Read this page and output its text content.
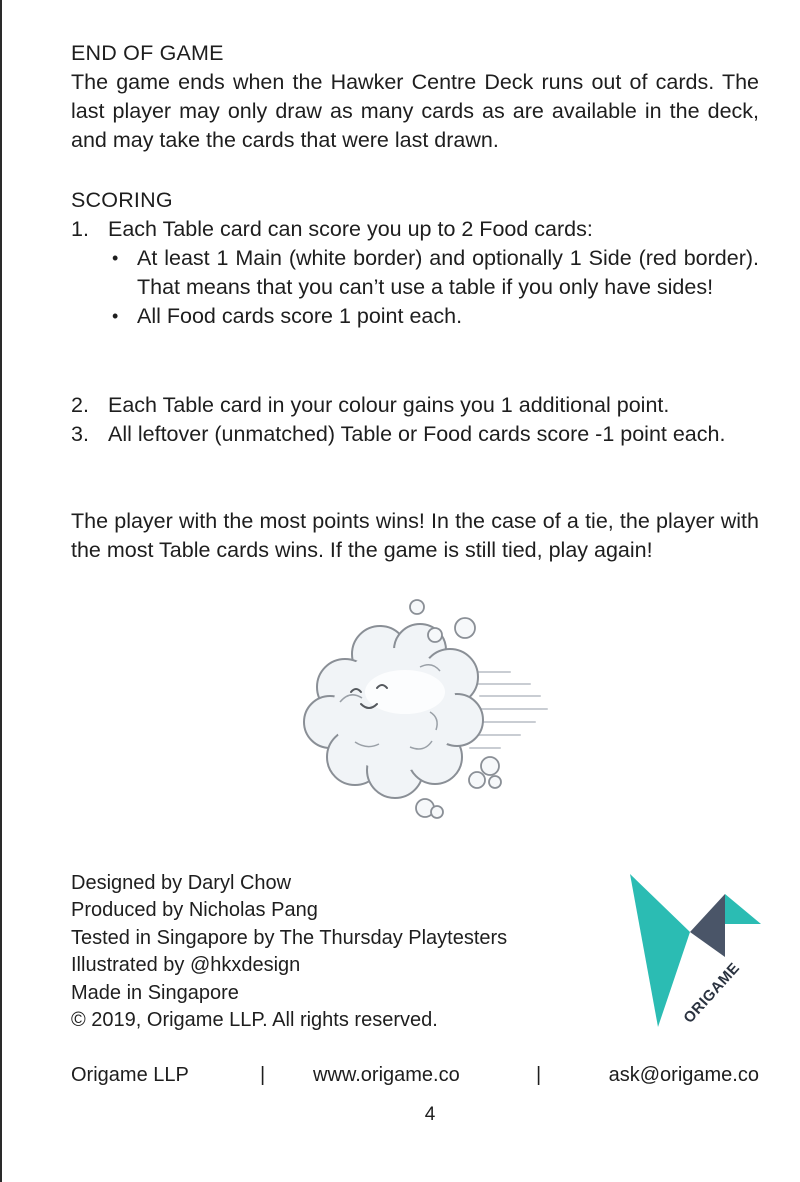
END OF GAME
The game ends when the Hawker Centre Deck runs out of cards. The last player may only draw as many cards as are available in the deck, and may take the cards that were last drawn.
SCORING
1. Each Table card can score you up to 2 Food cards:
• At least 1 Main (white border) and optionally 1 Side (red border). That means that you can’t use a table if you only have sides!
• All Food cards score 1 point each.
2. Each Table card in your colour gains you 1 additional point.
3. All leftover (unmatched) Table or Food cards score -1 point each.
The player with the most points wins! In the case of a tie, the player with the most Table cards wins. If the game is still tied, play again!
Designed by Daryl Chow
Produced by Nicholas Pang
Tested in Singapore by The Thursday Playtesters
Illustrated by @hkxdesign
Made in Singapore
© 2019, Origame LLP. All rights reserved.	ORIGAME
Origame LLP	| www.origame.co	|	ask@origame.co
4
